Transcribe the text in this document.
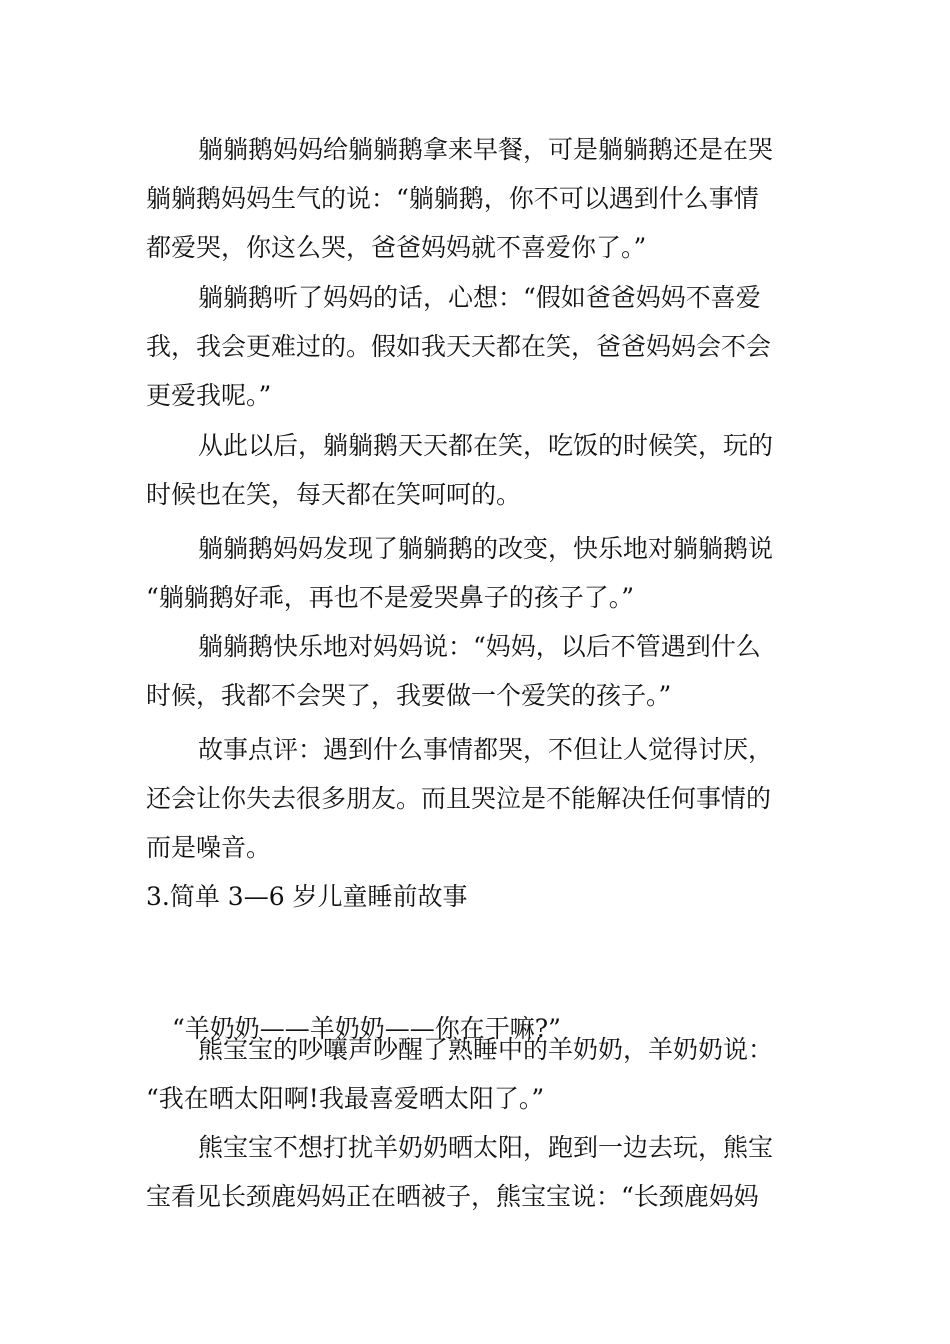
躺躺鹅妈妈给躺躺鹅拿来早餐，可是躺躺鹅还是在哭
躺躺鹅妈妈生气的说：“躺躺鹅，你不可以遇到什么事情
都爱哭，你这么哭，爸爸妈妈就不喜爱你了。”
躺躺鹅听了妈妈的话，心想：“假如爸爸妈妈不喜爱
我，我会更难过的。假如我天天都在笑，爸爸妈妈会不会
更爱我呢。”
从此以后，躺躺鹅天天都在笑，吃饭的时候笑，玩的
时候也在笑，每天都在笑呵呵的。
躺躺鹅妈妈发现了躺躺鹅的改变，快乐地对躺躺鹅说
“躺躺鹅好乖，再也不是爱哭鼻子的孩子了。”
躺躺鹅快乐地对妈妈说：“妈妈，以后不管遇到什么
时候，我都不会哭了，我要做一个爱笑的孩子。”
故事点评：遇到什么事情都哭，不但让人觉得讨厌，
还会让你失去很多朋友。而且哭泣是不能解决任何事情的
而是噪音。
3.简单 3—6 岁儿童睡前故事
“羊奶奶——羊奶奶——你在干嘛?”
熊宝宝的吵嚷声吵醒了熟睡中的羊奶奶，羊奶奶说：
“我在晒太阳啊!我最喜爱晒太阳了。”
熊宝宝不想打扰羊奶奶晒太阳，跑到一边去玩，熊宝
宝看见长颈鹿妈妈正在晒被子，熊宝宝说：“长颈鹿妈妈
